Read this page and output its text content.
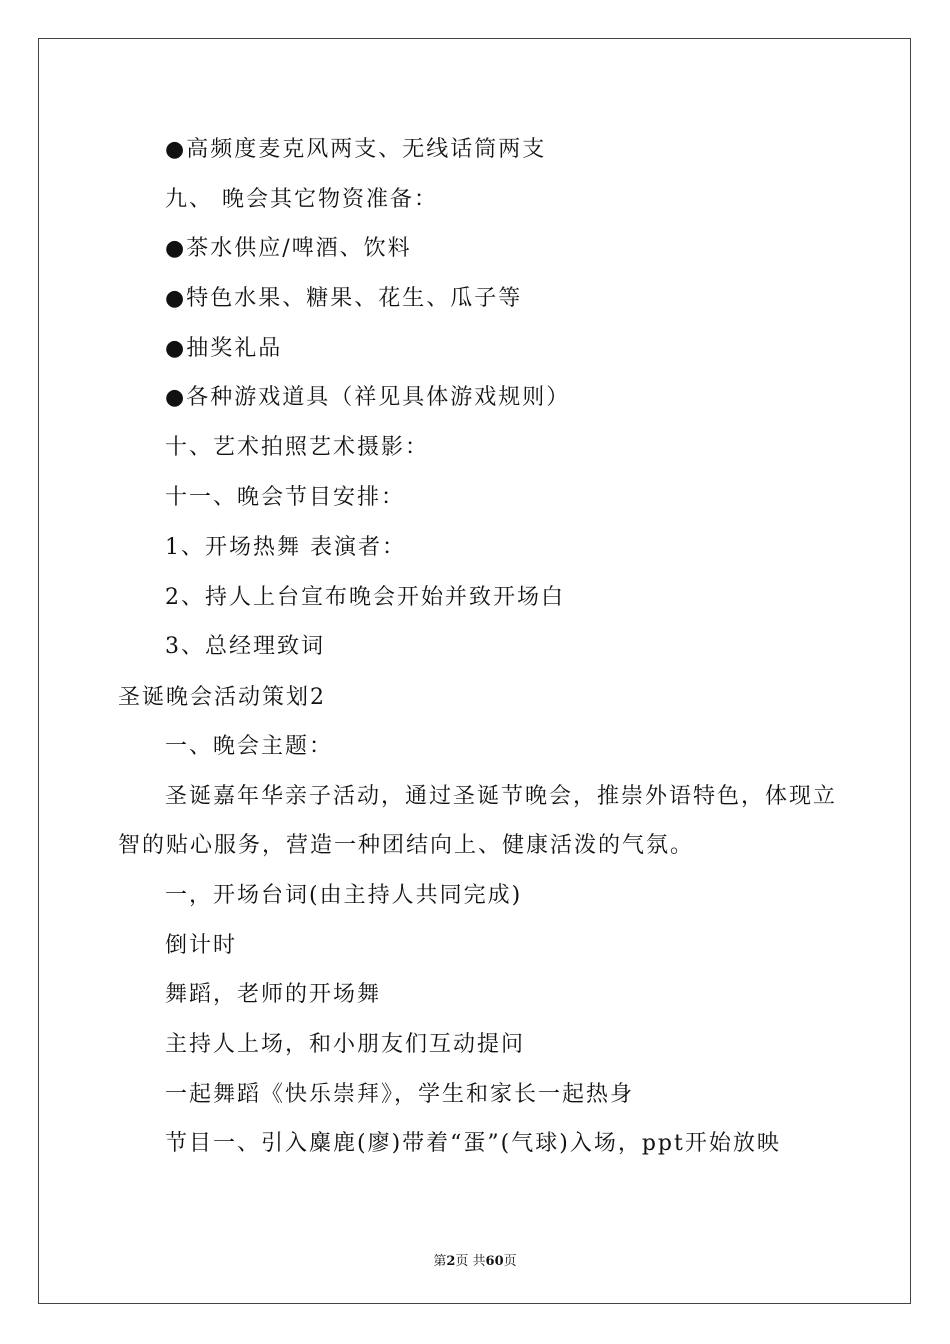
●高频度麦克风两支、无线话筒两支
九、 晚会其它物资准备：
●茶水供应/啤酒、饮料
●特色水果、糖果、花生、瓜子等
●抽奖礼品
●各种游戏道具（祥见具体游戏规则）
十、艺术拍照艺术摄影：
十一、晚会节目安排：
1、开场热舞 表演者：
2、持人上台宣布晚会开始并致开场白
3、总经理致词
圣诞晚会活动策划2
一、晚会主题：
圣诞嘉年华亲子活动，通过圣诞节晚会，推崇外语特色，体现立
智的贴心服务，营造一种团结向上、健康活泼的气氛。
一，开场台词(由主持人共同完成)
倒计时
舞蹈，老师的开场舞
主持人上场，和小朋友们互动提问
一起舞蹈《快乐崇拜》，学生和家长一起热身
节目一、引入麋鹿(廖)带着“蛋”(气球)入场，ppt开始放映
第2页 共60页
